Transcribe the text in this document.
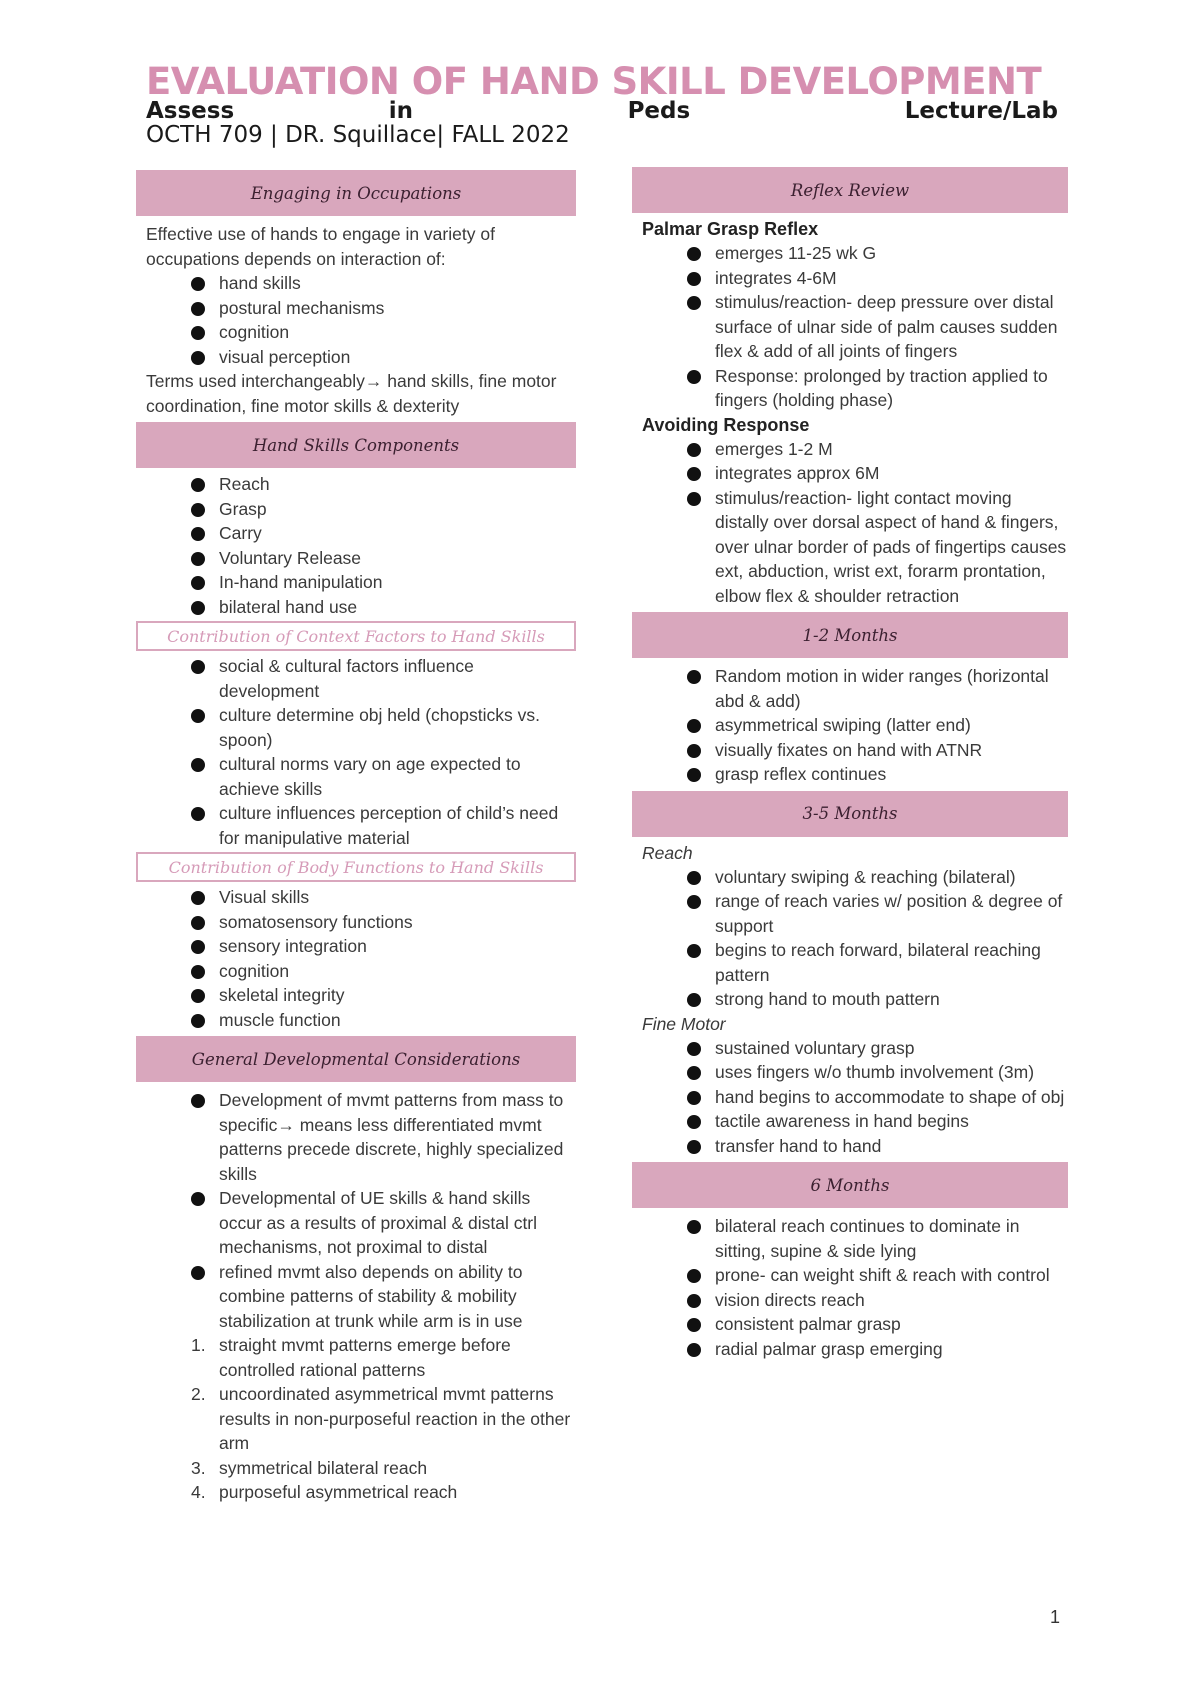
EVALUATION OF HAND SKILL DEVELOPMENT
Assess	in	Peds	Lecture/Lab
OCTH 709 | DR. Squillace| FALL 2022
Engaging in Occupations

Effective use of hands to engage in variety of occupations depends on interaction of:

hand skills
postural mechanisms
cognition
visual perception

Terms used interchangeably→ hand skills, fine motor coordination, fine motor skills & dexterity

Hand Skills Components
Reach
Grasp
Carry
Voluntary Release
In-hand manipulation
bilateral hand use
Contribution of Context Factors to Hand Skills
social & cultural factors influence development
culture determine obj held (chopsticks vs. spoon)
cultural norms vary on age expected to achieve skills
culture influences perception of child’s need for manipulative material
Contribution of Body Functions to Hand Skills
Visual skills
somatosensory functions
sensory integration
cognition
skeletal integrity
muscle function
General Developmental Considerations
Development of mvmt patterns from mass to specific→ means less differentiated mvmt patterns precede discrete, highly specialized skills
Developmental of UE skills & hand skills occur as a results of proximal & distal ctrl mechanisms, not proximal to distal
refined mvmt also depends on ability to combine patterns of stability & mobility stabilization at trunk while arm is in use
1. straight mvmt patterns emerge before controlled rational patterns
2. uncoordinated asymmetrical mvmt patterns results in non-purposeful reaction in the other arm
3. symmetrical bilateral reach
4. purposeful asymmetrical reach
Reflex Review

Palmar Grasp Reflex

emerges 11-25 wk G
integrates 4-6M
stimulus/reaction- deep pressure over distal surface of ulnar side of palm causes sudden flex & add of all joints of fingers
Response: prolonged by traction applied to fingers (holding phase)

Avoiding Response

emerges 1-2 M
integrates approx 6M
stimulus/reaction- light contact moving distally over dorsal aspect of hand & fingers, over ulnar border of pads of fingertips causes ext, abduction, wrist ext, forarm prontation, elbow flex & shoulder retraction
1-2 Months
Random motion in wider ranges (horizontal abd & add)
asymmetrical swiping (latter end)
visually fixates on hand with ATNR
grasp reflex continues
3-5 Months

Reach

voluntary swiping & reaching (bilateral)
range of reach varies w/ position & degree of support
begins to reach forward, bilateral reaching pattern
strong hand to mouth pattern

Fine Motor

sustained voluntary grasp
uses fingers w/o thumb involvement (3m)
hand begins to accommodate to shape of obj
tactile awareness in hand begins
transfer hand to hand
6 Months
bilateral reach continues to dominate in sitting, supine & side lying
prone- can weight shift & reach with control
vision directs reach
consistent palmar grasp
radial palmar grasp emerging
1
